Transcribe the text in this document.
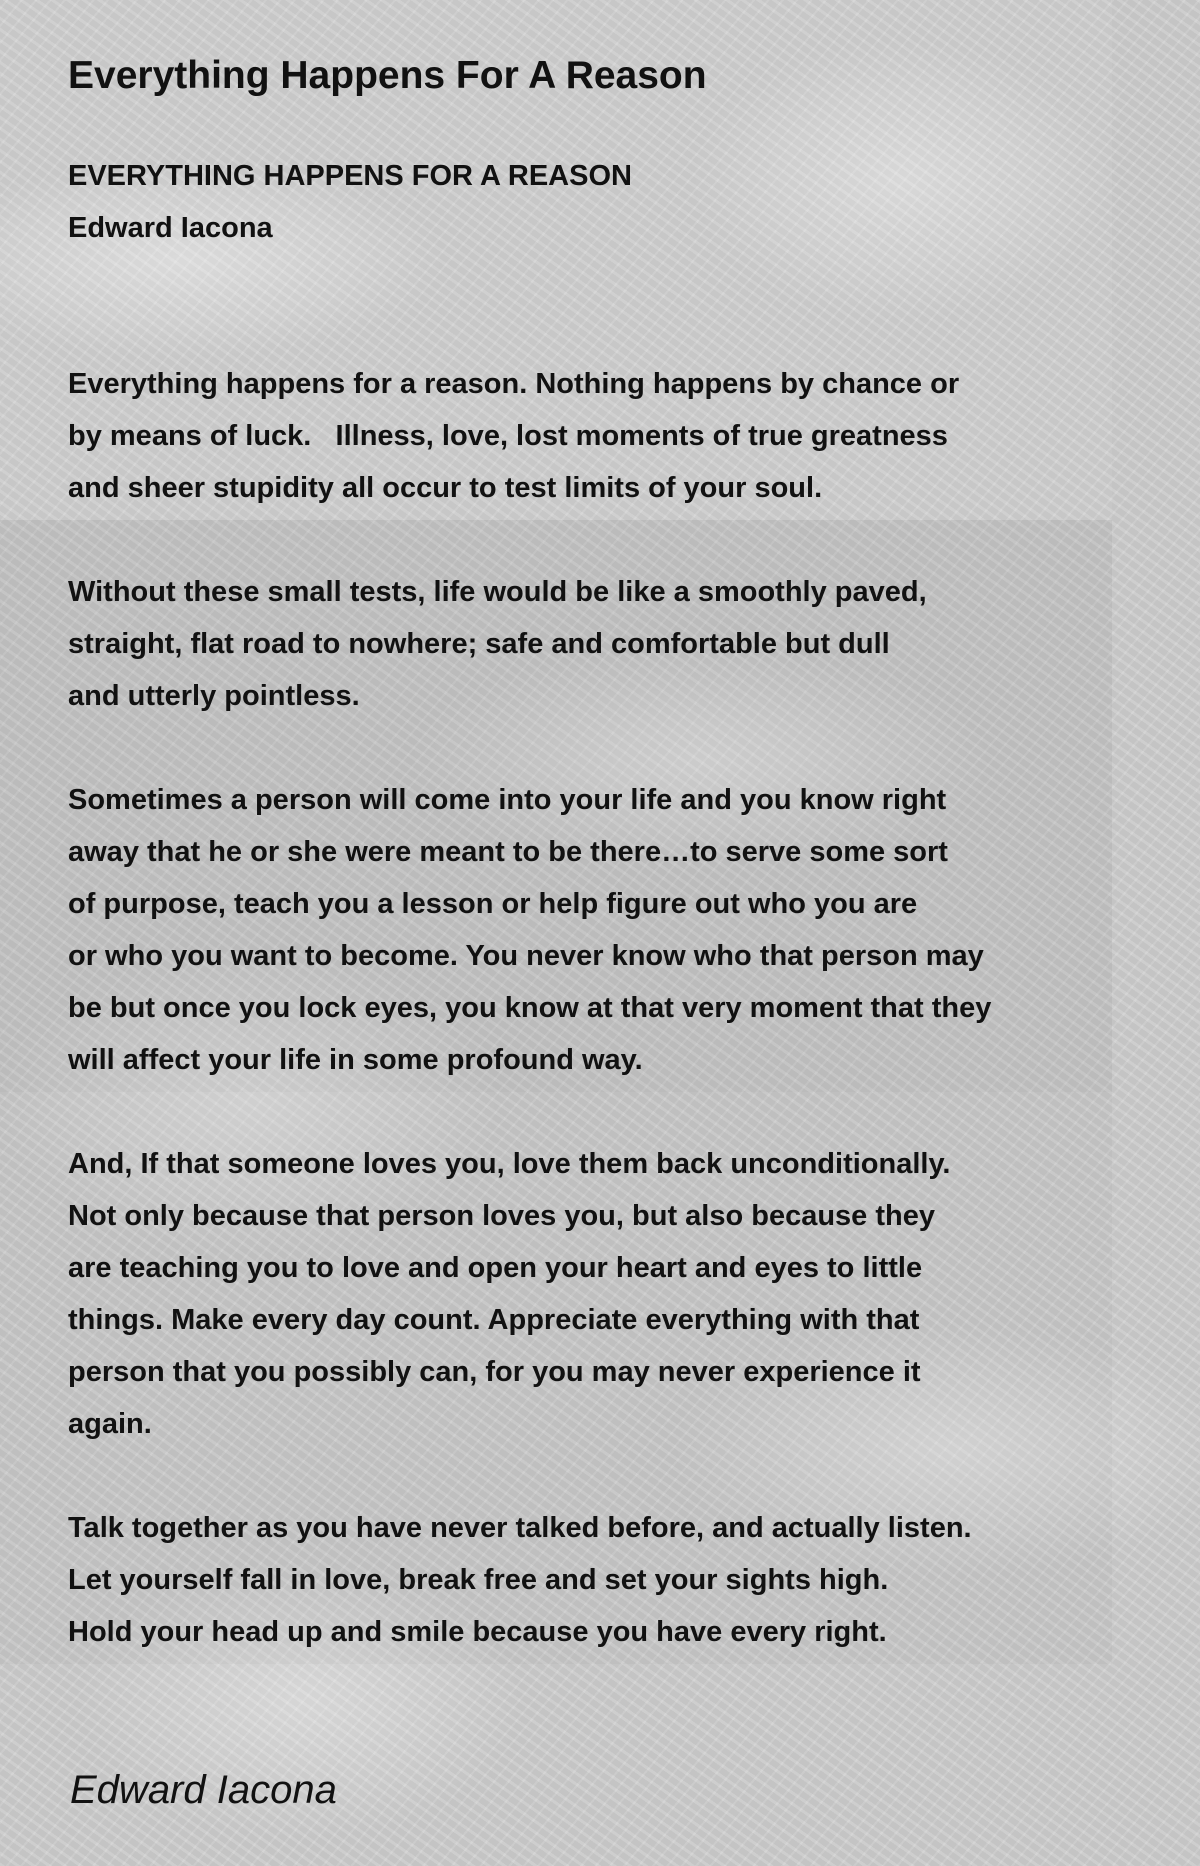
Everything Happens For A Reason
EVERYTHING HAPPENS FOR A REASON
Edward Iacona
Everything happens for a reason. Nothing happens by chance or
by means of luck.   Illness, love, lost moments of true greatness
and sheer stupidity all occur to test limits of your soul.
Without these small tests, life would be like a smoothly paved,
straight, flat road to nowhere; safe and comfortable but dull
and utterly pointless.
Sometimes a person will come into your life and you know right
away that he or she were meant to be there…to serve some sort
of purpose, teach you a lesson or help figure out who you are
or who you want to become. You never know who that person may
be but once you lock eyes, you know at that very moment that they
will affect your life in some profound way.
And, If that someone loves you, love them back unconditionally.
Not only because that person loves you, but also because they
are teaching you to love and open your heart and eyes to little
things. Make every day count. Appreciate everything with that
person that you possibly can, for you may never experience it
again.
Talk together as you have never talked before, and actually listen.
Let yourself fall in love, break free and set your sights high.
Hold your head up and smile because you have every right.
Edward Iacona
